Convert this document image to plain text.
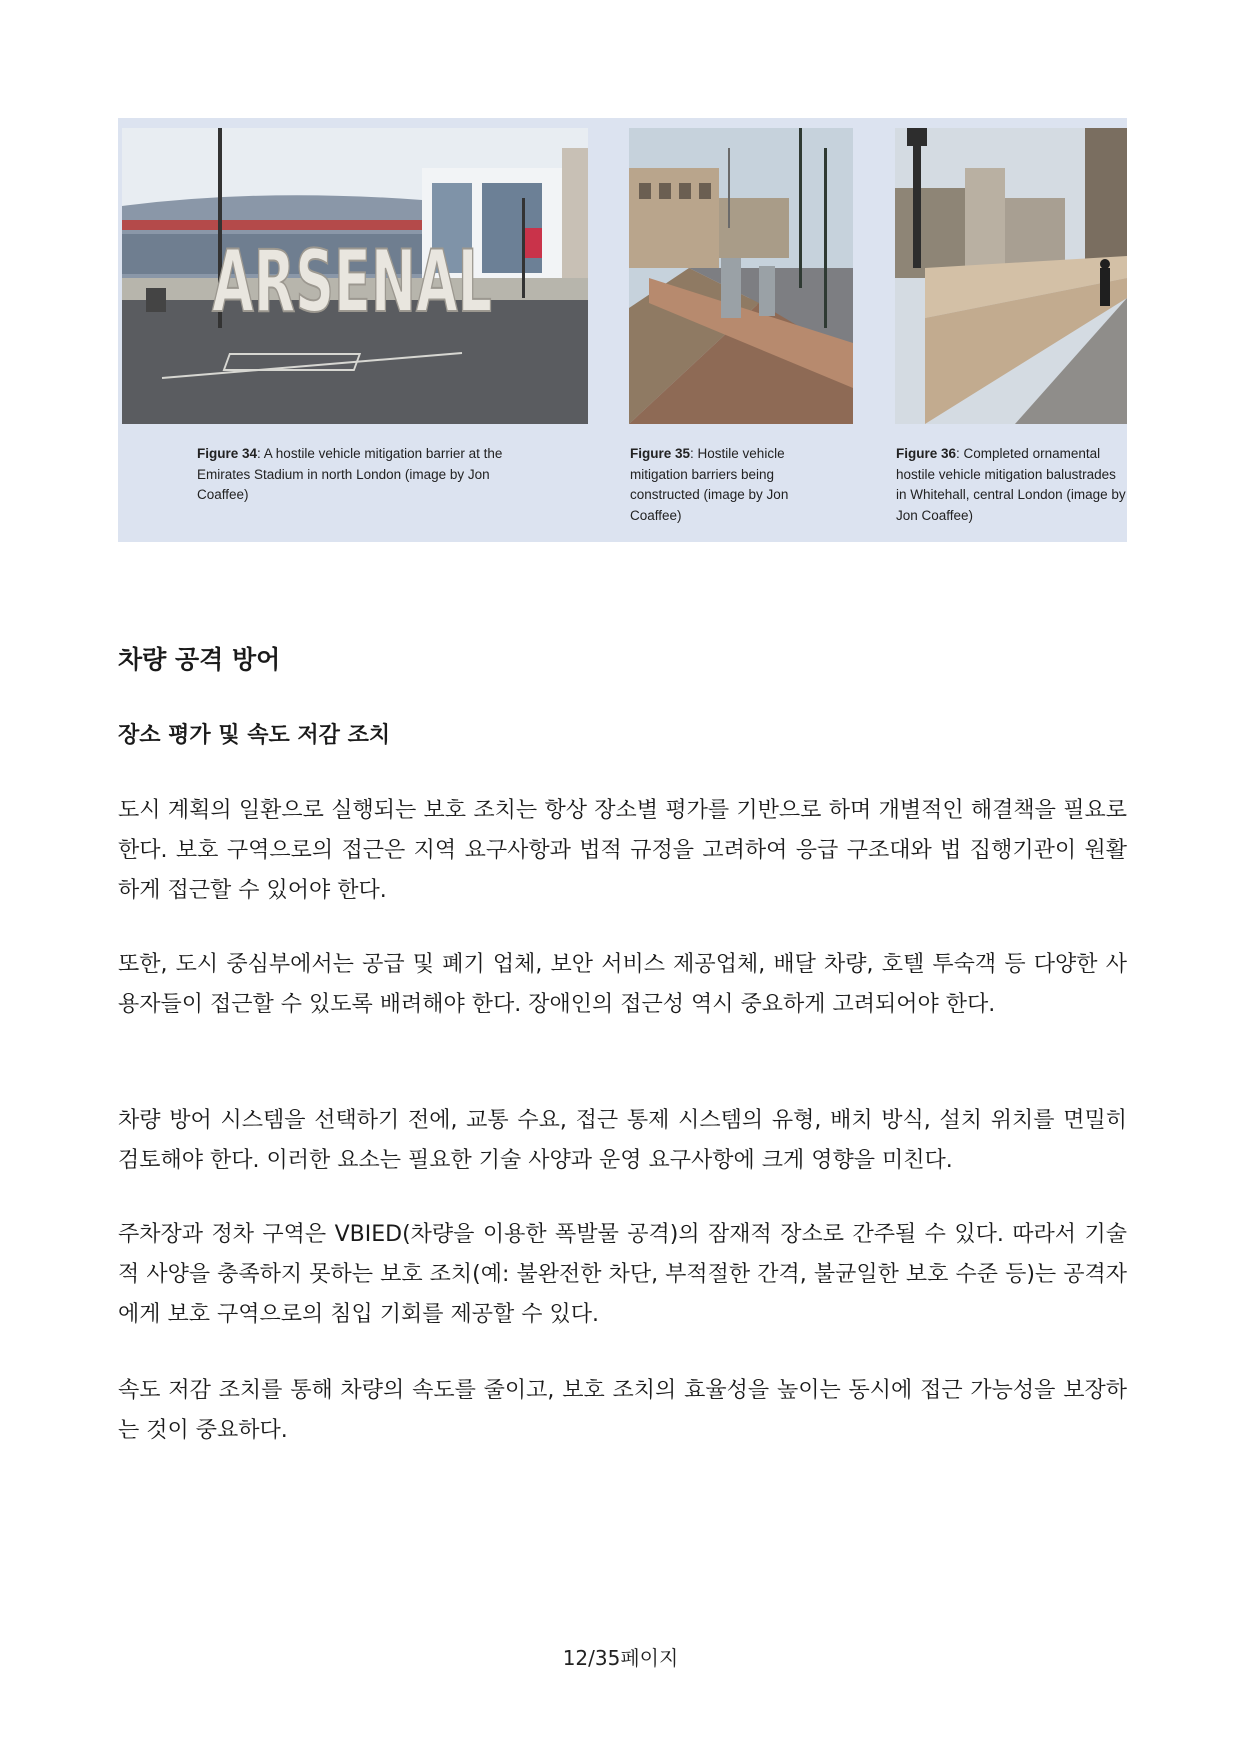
ARSENAL
Figure 34: A hostile vehicle mitigation barrier at the Emirates Stadium in north London (image by Jon Coaffee)
Figure 35: Hostile vehicle mitigation barriers being constructed (image by Jon Coaffee)
Figure 36: Completed ornamental hostile vehicle mitigation balustrades in Whitehall, central London (image by Jon Coaffee)
차량 공격 방어
장소 평가 및 속도 저감 조치

도시 계획의 일환으로 실행되는 보호 조치는 항상 장소별 평가를 기반으로 하며 개별적인 해결책을 필요로 한다. 보호 구역으로의 접근은 지역 요구사항과 법적 규정을 고려하여 응급 구조대와 법 집행기관이 원활하게 접근할 수 있어야 한다.

또한, 도시 중심부에서는 공급 및 폐기 업체, 보안 서비스 제공업체, 배달 차량, 호텔 투숙객 등 다양한 사용자들이 접근할 수 있도록 배려해야 한다. 장애인의 접근성 역시 중요하게 고려되어야 한다.

차량 방어 시스템을 선택하기 전에, 교통 수요, 접근 통제 시스템의 유형, 배치 방식, 설치 위치를 면밀히 검토해야 한다. 이러한 요소는 필요한 기술 사양과 운영 요구사항에 크게 영향을 미친다.

주차장과 정차 구역은 VBIED(차량을 이용한 폭발물 공격)의 잠재적 장소로 간주될 수 있다. 따라서 기술적 사양을 충족하지 못하는 보호 조치(예: 불완전한 차단, 부적절한 간격, 불균일한 보호 수준 등)는 공격자에게 보호 구역으로의 침입 기회를 제공할 수 있다.

속도 저감 조치를 통해 차량의 속도를 줄이고, 보호 조치의 효율성을 높이는 동시에 접근 가능성을 보장하는 것이 중요하다.

12/35페이지
